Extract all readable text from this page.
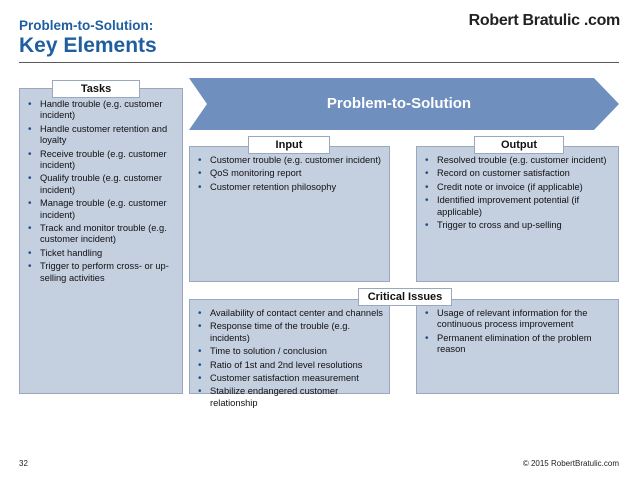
Problem-to-Solution:
Key Elements
Robert Bratulic .com
Problem-to-Solution
• Handle trouble (e.g. customer incident)
• Handle customer retention and loyalty
• Receive trouble (e.g. customer incident)
• Qualify trouble (e.g. customer incident)
• Manage trouble (e.g. customer incident)
• Track and monitor trouble (e.g. customer incident)
• Ticket handling
• Trigger to perform cross- or up-selling activities
Tasks
• Customer trouble (e.g. customer incident)
• QoS monitoring report
• Customer retention philosophy
Input
• Resolved trouble (e.g. customer incident)
• Record on customer satisfaction
• Credit note or invoice (if applicable)
• Identified improvement potential (if applicable)
• Trigger to cross and up-selling
Output
• Availability of contact center and channels
• Response time of the trouble (e.g. incidents)
• Time to solution / conclusion
• Ratio of 1st and 2nd level resolutions
• Customer satisfaction measurement
• Stabilize endangered customer relationship
• Usage of relevant information for the continuous process improvement
• Permanent elimination of the problem reason
Critical Issues
32	© 2015 RobertBratulic.com
